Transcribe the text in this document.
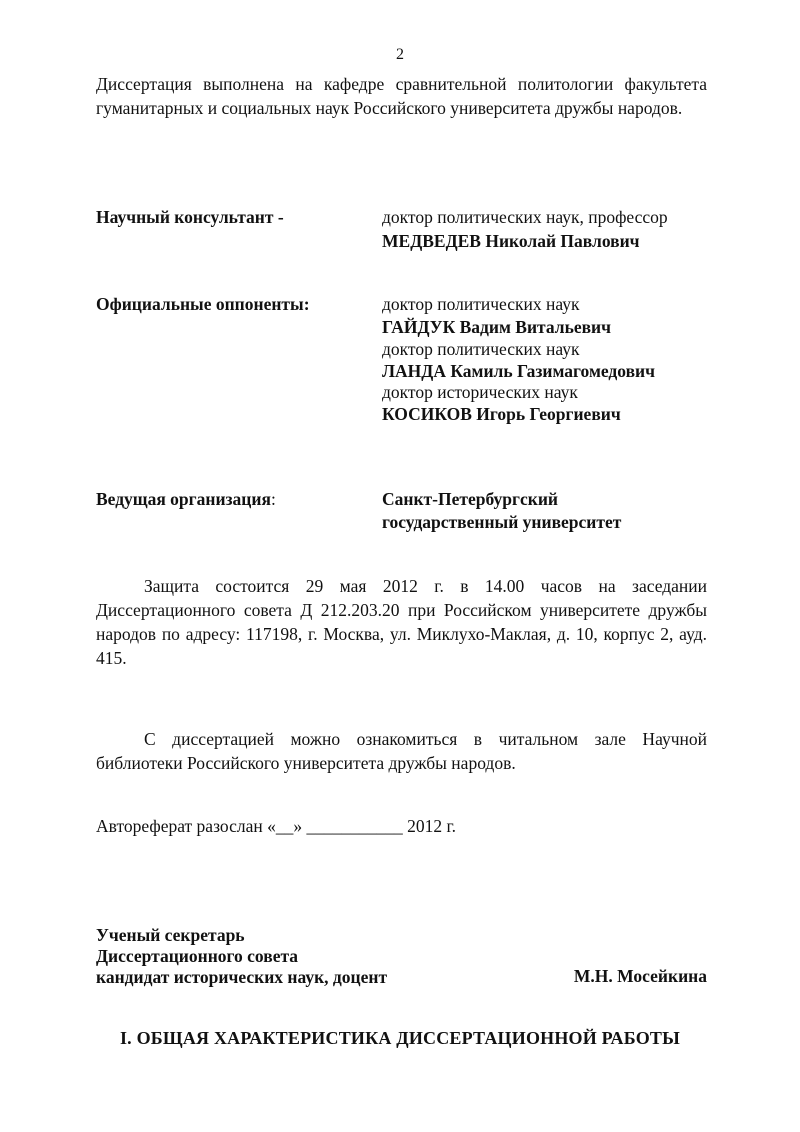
2
Диссертация выполнена на кафедре сравнительной политологии факультета гуманитарных и социальных наук Российского университета дружбы народов.
Научный консультант -	доктор политических наук, профессор
МЕДВЕДЕВ Николай Павлович
Официальные оппоненты:	доктор политических наук
ГАЙДУК Вадим Витальевич
доктор политических наук
ЛАНДА Камиль Газимагомедович
доктор исторических наук
КОСИКОВ Игорь Георгиевич
Ведущая организация:	Санкт-Петербургский
государственный университет
Защита состоится 29 мая 2012 г. в 14.00 часов на заседании Диссертационного совета Д 212.203.20 при Российском университете дружбы народов по адресу: 117198, г. Москва, ул. Миклухо-Маклая, д. 10, корпус 2, ауд. 415.
С диссертацией можно ознакомиться в читальном зале Научной библиотеки Российского университета дружбы народов.
Автореферат разослан «__» ___________ 2012 г.
Ученый секретарь
Диссертационного совета
кандидат исторических наук, доцент	М.Н. Мосейкина
I. ОБЩАЯ ХАРАКТЕРИСТИКА ДИССЕРТАЦИОННОЙ РАБОТЫ
